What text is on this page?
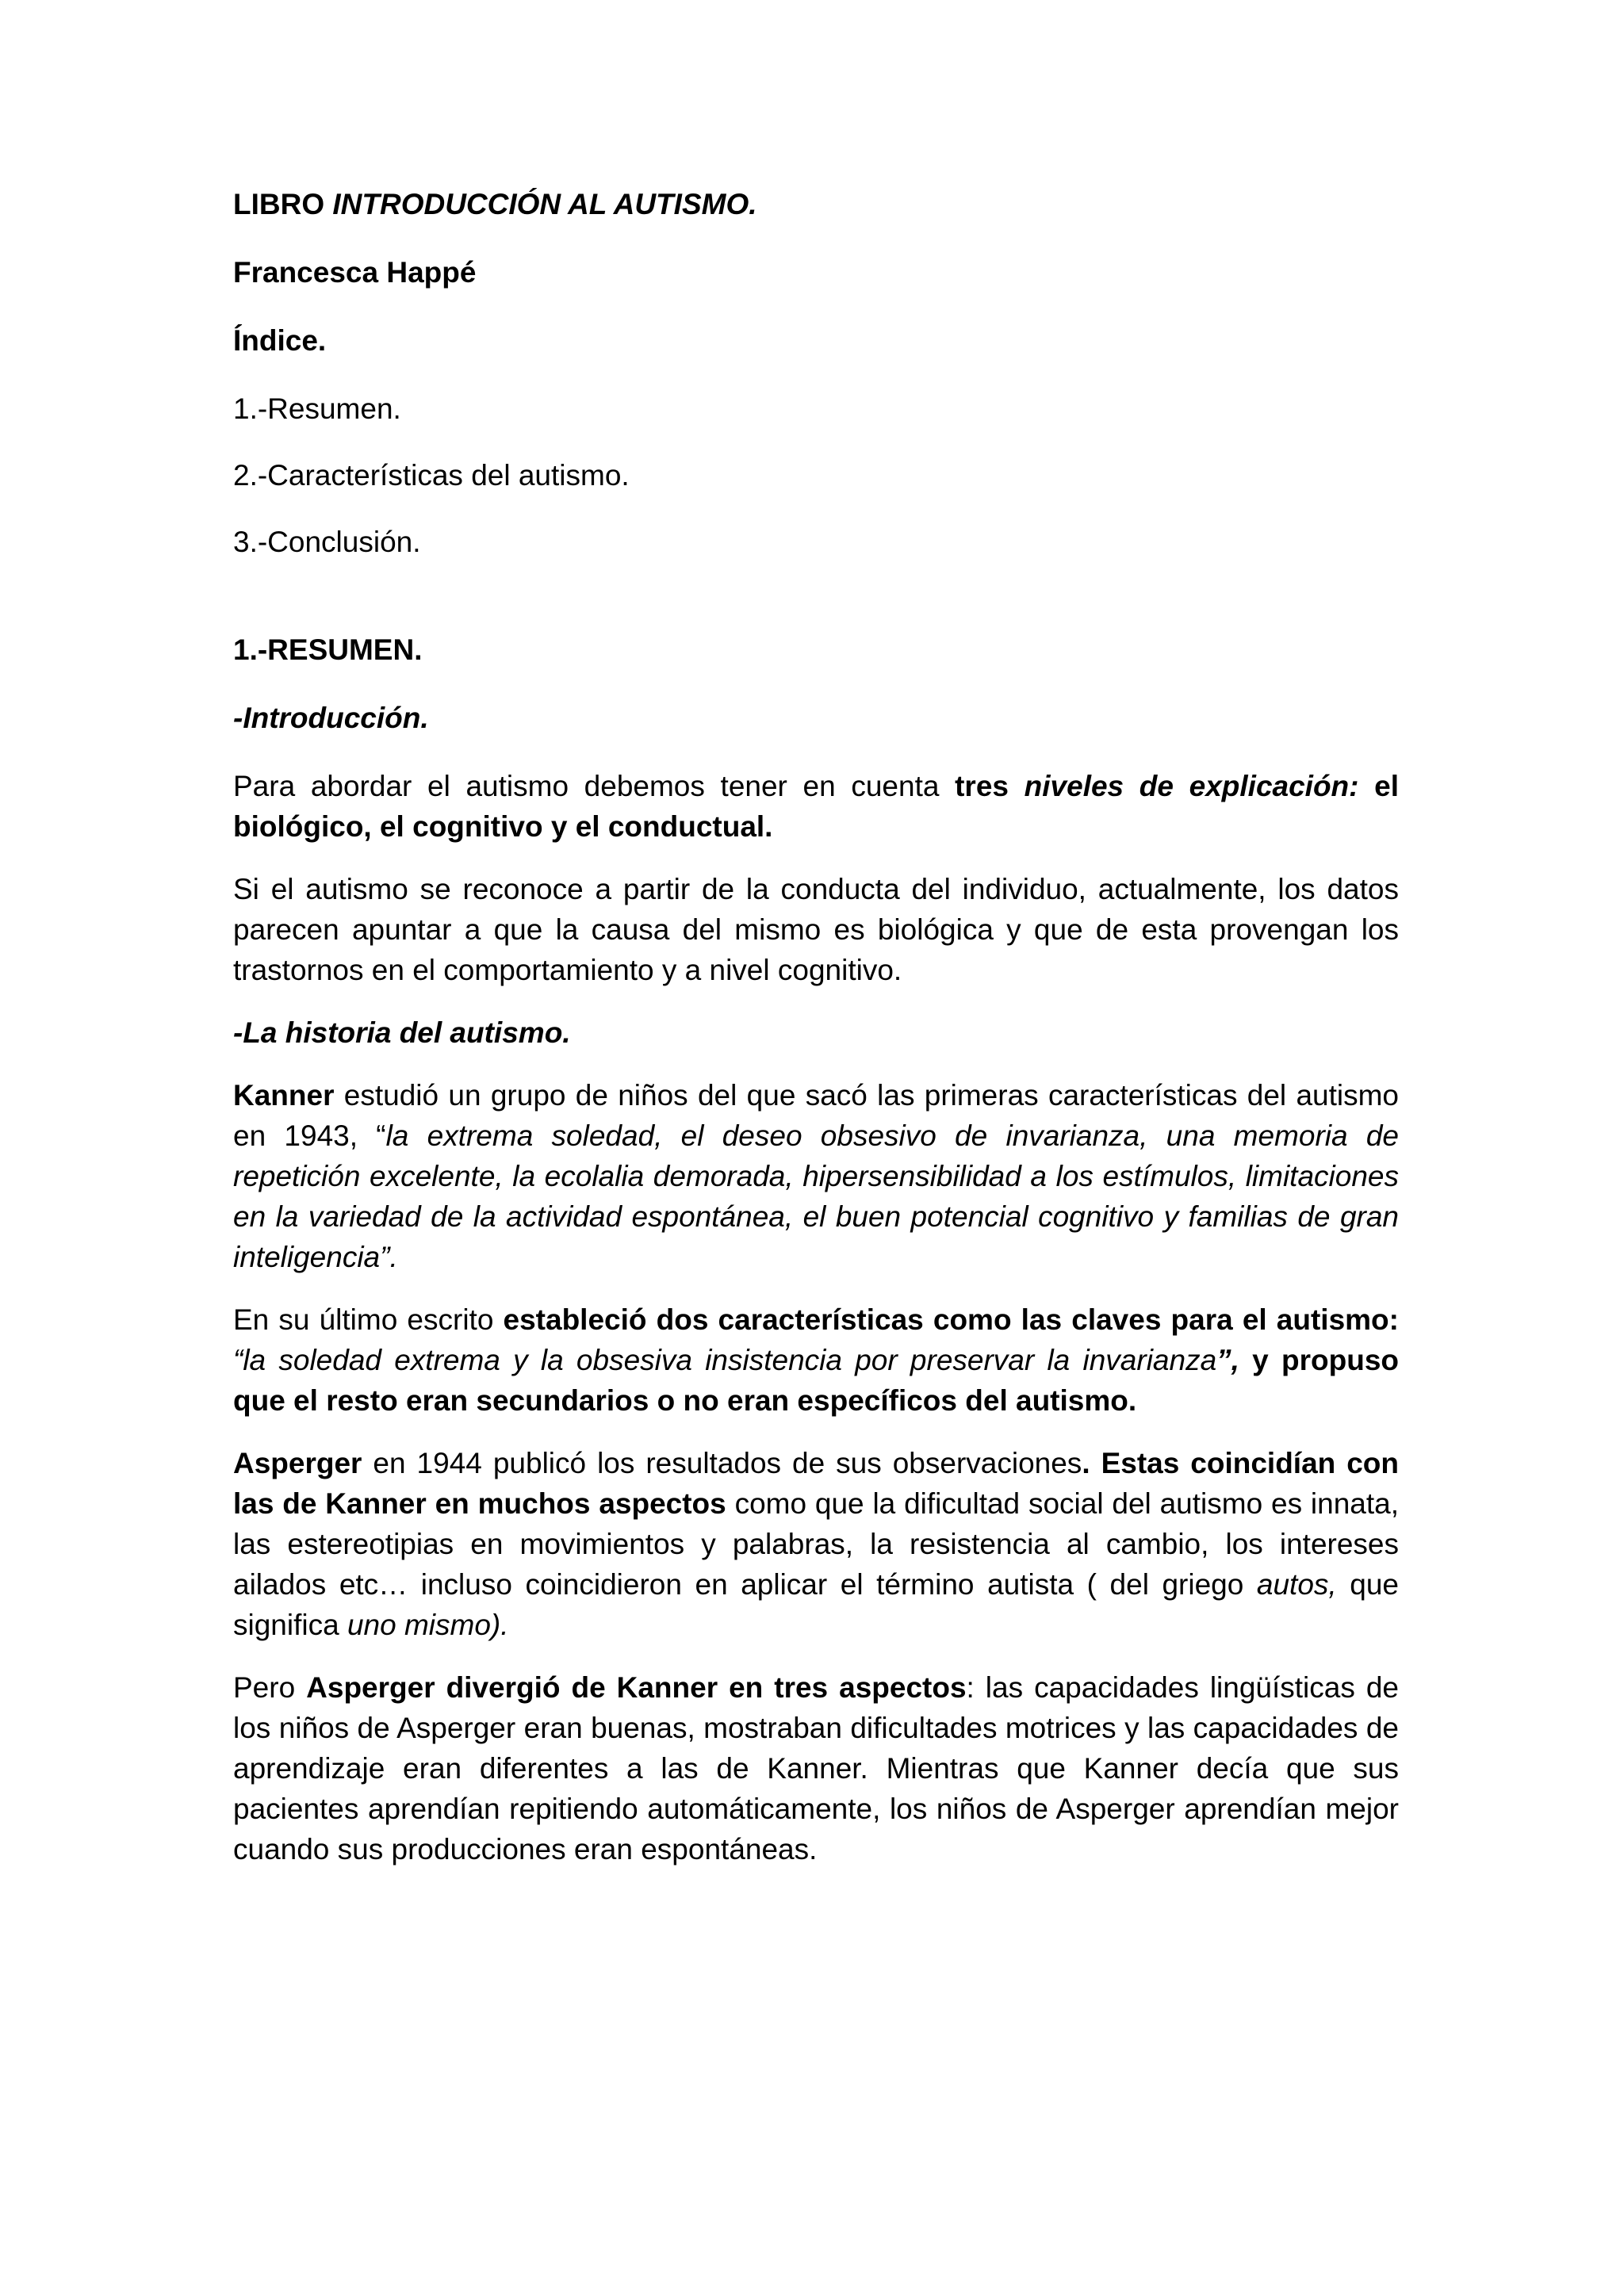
LIBRO INTRODUCCIÓN AL AUTISMO.

Francesca Happé

Índice.

1.-Resumen.

2.-Características del autismo.

3.-Conclusión.

1.-RESUMEN.

-Introducción.

Para abordar el autismo debemos tener en cuenta tres niveles de explicación: el biológico, el cognitivo y el conductual.

Si el autismo se reconoce a partir de la conducta del individuo, actualmente, los datos parecen apuntar a que la causa del mismo es biológica y que de esta provengan los trastornos en el comportamiento y a nivel cognitivo.

-La historia del autismo.

Kanner estudió un grupo de niños del que sacó las primeras características del autismo en 1943, “la extrema soledad, el deseo obsesivo de invarianza, una memoria de repetición excelente, la ecolalia demorada, hipersensibilidad a los estímulos, limitaciones en la variedad de la actividad espontánea, el buen potencial cognitivo y familias de gran inteligencia”.

En su último escrito estableció dos características como las claves para el autismo: “la soledad extrema y la obsesiva insistencia por preservar la invarianza”, y propuso que el resto eran secundarios o no eran específicos del autismo.

Asperger en 1944 publicó los resultados de sus observaciones. Estas coincidían con las de Kanner en muchos aspectos como que la dificultad social del autismo es innata, las estereotipias en movimientos y palabras, la resistencia al cambio, los intereses ailados etc… incluso coincidieron en aplicar el término autista ( del griego autos, que significa uno mismo).

Pero Asperger divergió de Kanner en tres aspectos: las capacidades lingüísticas de los niños de Asperger eran buenas, mostraban dificultades motrices y las capacidades de aprendizaje eran diferentes a las de Kanner. Mientras que Kanner decía que sus pacientes aprendían repitiendo automáticamente, los niños de Asperger aprendían mejor cuando sus producciones eran espontáneas.
